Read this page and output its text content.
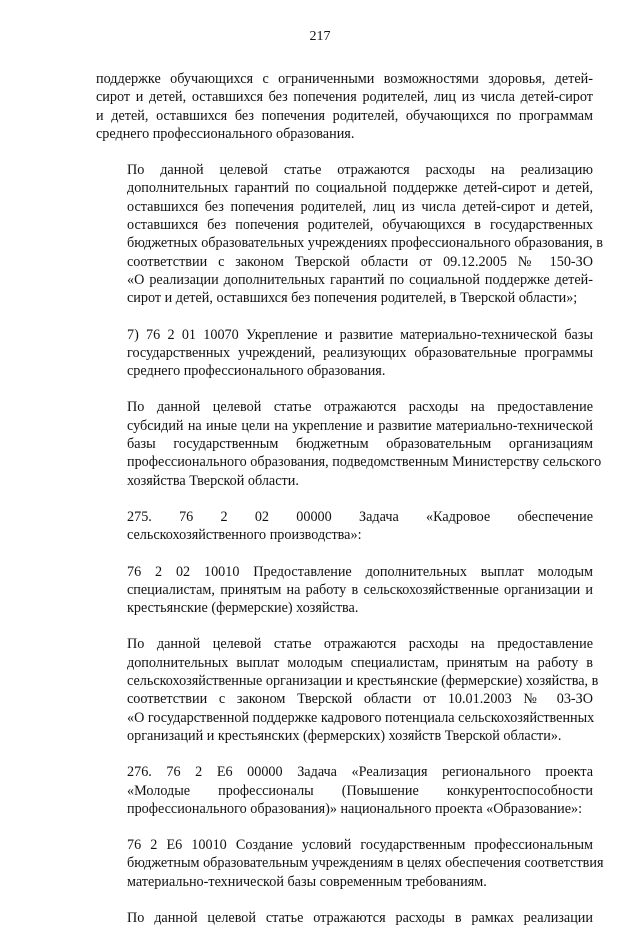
217

поддержке обучающихся с ограниченными возможностями здоровья, детей-
сирот и детей, оставшихся без попечения родителей, лиц из числа детей-сирот
и детей, оставшихся без попечения родителей, обучающихся по программам
среднего профессионального образования.

По данной целевой статье отражаются расходы на реализацию
дополнительных гарантий по социальной поддержке детей-сирот и детей,
оставшихся без попечения родителей, лиц из числа детей-сирот и детей,
оставшихся без попечения родителей, обучающихся в государственных
бюджетных образовательных учреждениях профессионального образования, в
соответствии с законом Тверской области от 09.12.2005 № 150-ЗО
«О реализации дополнительных гарантий по социальной поддержке детей-
сирот и детей, оставшихся без попечения родителей, в Тверской области»;

7) 76 2 01 10070 Укрепление и развитие материально-технической базы
государственных учреждений, реализующих образовательные программы
среднего профессионального образования.

По данной целевой статье отражаются расходы на предоставление
субсидий на иные цели на укрепление и развитие материально-технической
базы государственным бюджетным образовательным организациям
профессионального образования, подведомственным Министерству сельского
хозяйства Тверской области.

275. 76 2 02 00000 Задача «Кадровое обеспечение
сельскохозяйственного производства»:

76 2 02 10010 Предоставление дополнительных выплат молодым
специалистам, принятым на работу в сельскохозяйственные организации и
крестьянские (фермерские) хозяйства.

По данной целевой статье отражаются расходы на предоставление
дополнительных выплат молодым специалистам, принятым на работу в
сельскохозяйственные организации и крестьянские (фермерские) хозяйства, в
соответствии с законом Тверской области от 10.01.2003 № 03-ЗО
«О государственной поддержке кадрового потенциала сельскохозяйственных
организаций и крестьянских (фермерских) хозяйств Тверской области».

276. 76 2 Е6 00000 Задача «Реализация регионального проекта
«Молодые профессионалы (Повышение конкурентоспособности
профессионального образования)» национального проекта «Образование»:

76 2 Е6 10010 Создание условий государственным профессиональным
бюджетным образовательным учреждениям в целях обеспечения соответствия
материально-технической базы современным требованиям.

По данной целевой статье отражаются расходы в рамках реализации
